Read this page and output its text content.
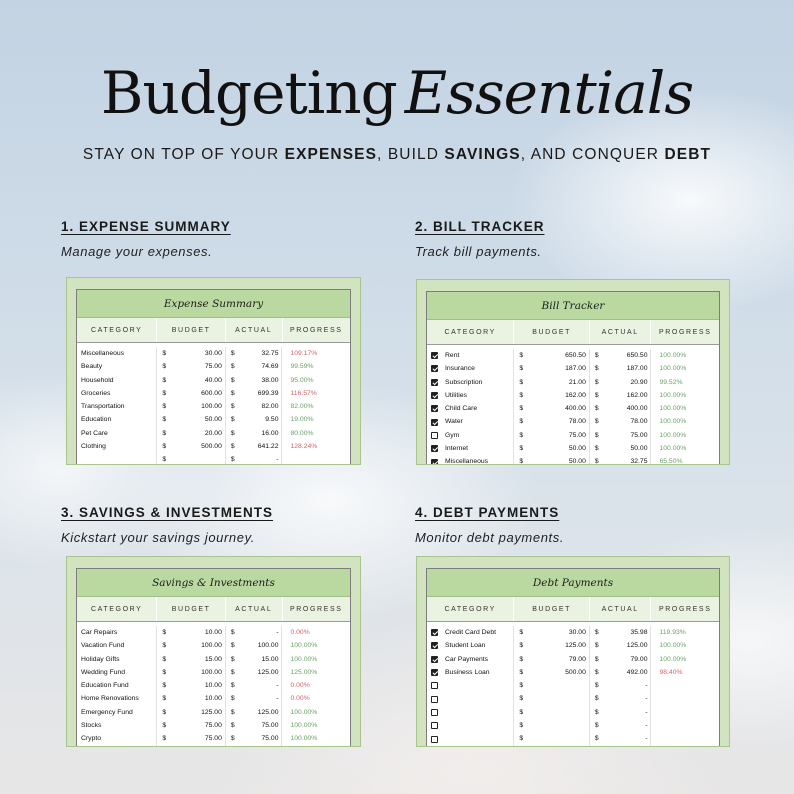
Budgeting Essentials
STAY ON TOP OF YOUR EXPENSES, BUILD SAVINGS, AND CONQUER DEBT
1. EXPENSE SUMMARY
Manage your expenses.
Expense Summary
CATEGORY	BUDGET	ACTUAL	PROGRESS
Miscellaneous	$	30.00	$	32.75	109.17%
Beauty	$	75.00	$	74.69	99.59%
Household	$	40.00	$	38.00	95.00%
Groceries	$	600.00	$	699.39	116.57%
Transportation	$	100.00	$	82.00	82.00%
Education	$	50.00	$	9.50	19.00%
Pet Care	$	20.00	$	16.00	80.00%
Clothing	$	500.00	$	641.22	128.24%
$	$	-
2. BILL TRACKER
Track bill payments.
Bill Tracker
CATEGORY	BUDGET	ACTUAL	PROGRESS
Rent	$	650.50	$	650.50	100.00%
Insurance	$	187.00	$	187.00	100.00%
Subscription	$	21.00	$	20.90	99.52%
Utilities	$	162.00	$	162.00	100.00%
Child Care	$	400.00	$	400.00	100.00%
Water	$	78.00	$	78.00	100.00%
Gym	$	75.00	$	75.00	100.00%
Internet	$	50.00	$	50.00	100.00%
Miscellaneous	$	50.00	$	32.75	65.50%
3. SAVINGS & INVESTMENTS
Kickstart your savings journey.
Savings & Investments
CATEGORY	BUDGET	ACTUAL	PROGRESS
Car Repairs	$	10.00	$	-	0.00%
Vacation Fund	$	100.00	$	100.00	100.00%
Holiday Gifts	$	15.00	$	15.00	100.00%
Wedding Fund	$	100.00	$	125.00	125.00%
Education Fund	$	10.00	$	-	0.00%
Home Renovations	$	10.00	$	-	0.00%
Emergency Fund	$	125.00	$	125.00	100.00%
Stocks	$	75.00	$	75.00	100.00%
Crypto	$	75.00	$	75.00	100.00%
4. DEBT PAYMENTS
Monitor debt payments.
Debt Payments
CATEGORY	BUDGET	ACTUAL	PROGRESS
Credit Card Debt	$	30.00	$	35.98	119.93%
Student Loan	$	125.00	$	125.00	100.00%
Car Payments	$	79.00	$	79.00	100.00%
Business Loan	$	500.00	$	492.00	98.40%
$	$	-
$	$	-
$	$	-
$	$	-
$	$	-
